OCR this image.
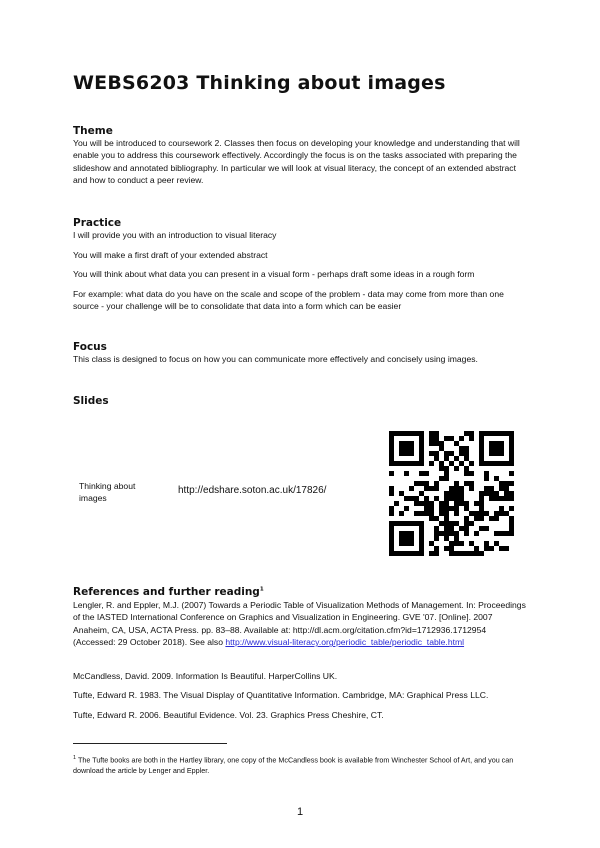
WEBS6203 Thinking about images

Theme

You will be introduced to coursework 2. Classes then focus on developing your knowledge and understanding that will enable you to address this coursework effectively. Accordingly the focus is on the tasks associated with preparing the slideshow and annotated bibliography. In particular we will look at visual literacy, the concept of an extended abstract and how to conduct a peer review.

Practice

I will provide you with an introduction to visual literacy

You will make a first draft of your extended abstract

You will think about what data you can present in a visual form - perhaps draft some ideas in a rough form

For example: what data do you have on the scale and scope of the problem - data may come from more than one source - your challenge will be to consolidate that data into a form which can be easier

Focus

This class is designed to focus on how you can communicate more effectively and concisely using images.

Slides

Thinking about images

http://edshare.soton.ac.uk/17826/

References and further reading$^1$

Lengler, R. and Eppler, M.J. (2007) Towards a Periodic Table of Visualization Methods of Management. In: Proceedings of the IASTED International Conference on Graphics and Visualization in Engineering. GVE '07. [Online]. 2007 Anaheim, CA, USA, ACTA Press. pp. 83–88. Available at: http://dl.acm.org/citation.cfm?id=1712936.1712954 (Accessed: 29 October 2018). See also http://www.visual-literacy.org/periodic_table/periodic_table.html

McCandless, David. 2009. Information Is Beautiful. HarperCollins UK.

Tufte, Edward R. 1983. The Visual Display of Quantitative Information. Cambridge, MA: Graphical Press LLC.

Tufte, Edward R. 2006. Beautiful Evidence. Vol. 23. Graphics Press Cheshire, CT.

$^1$ The Tufte books are both in the Hartley library, one copy of the McCandless book is available from Winchester School of Art, and you can download the article by Lenger and Eppler.

1
